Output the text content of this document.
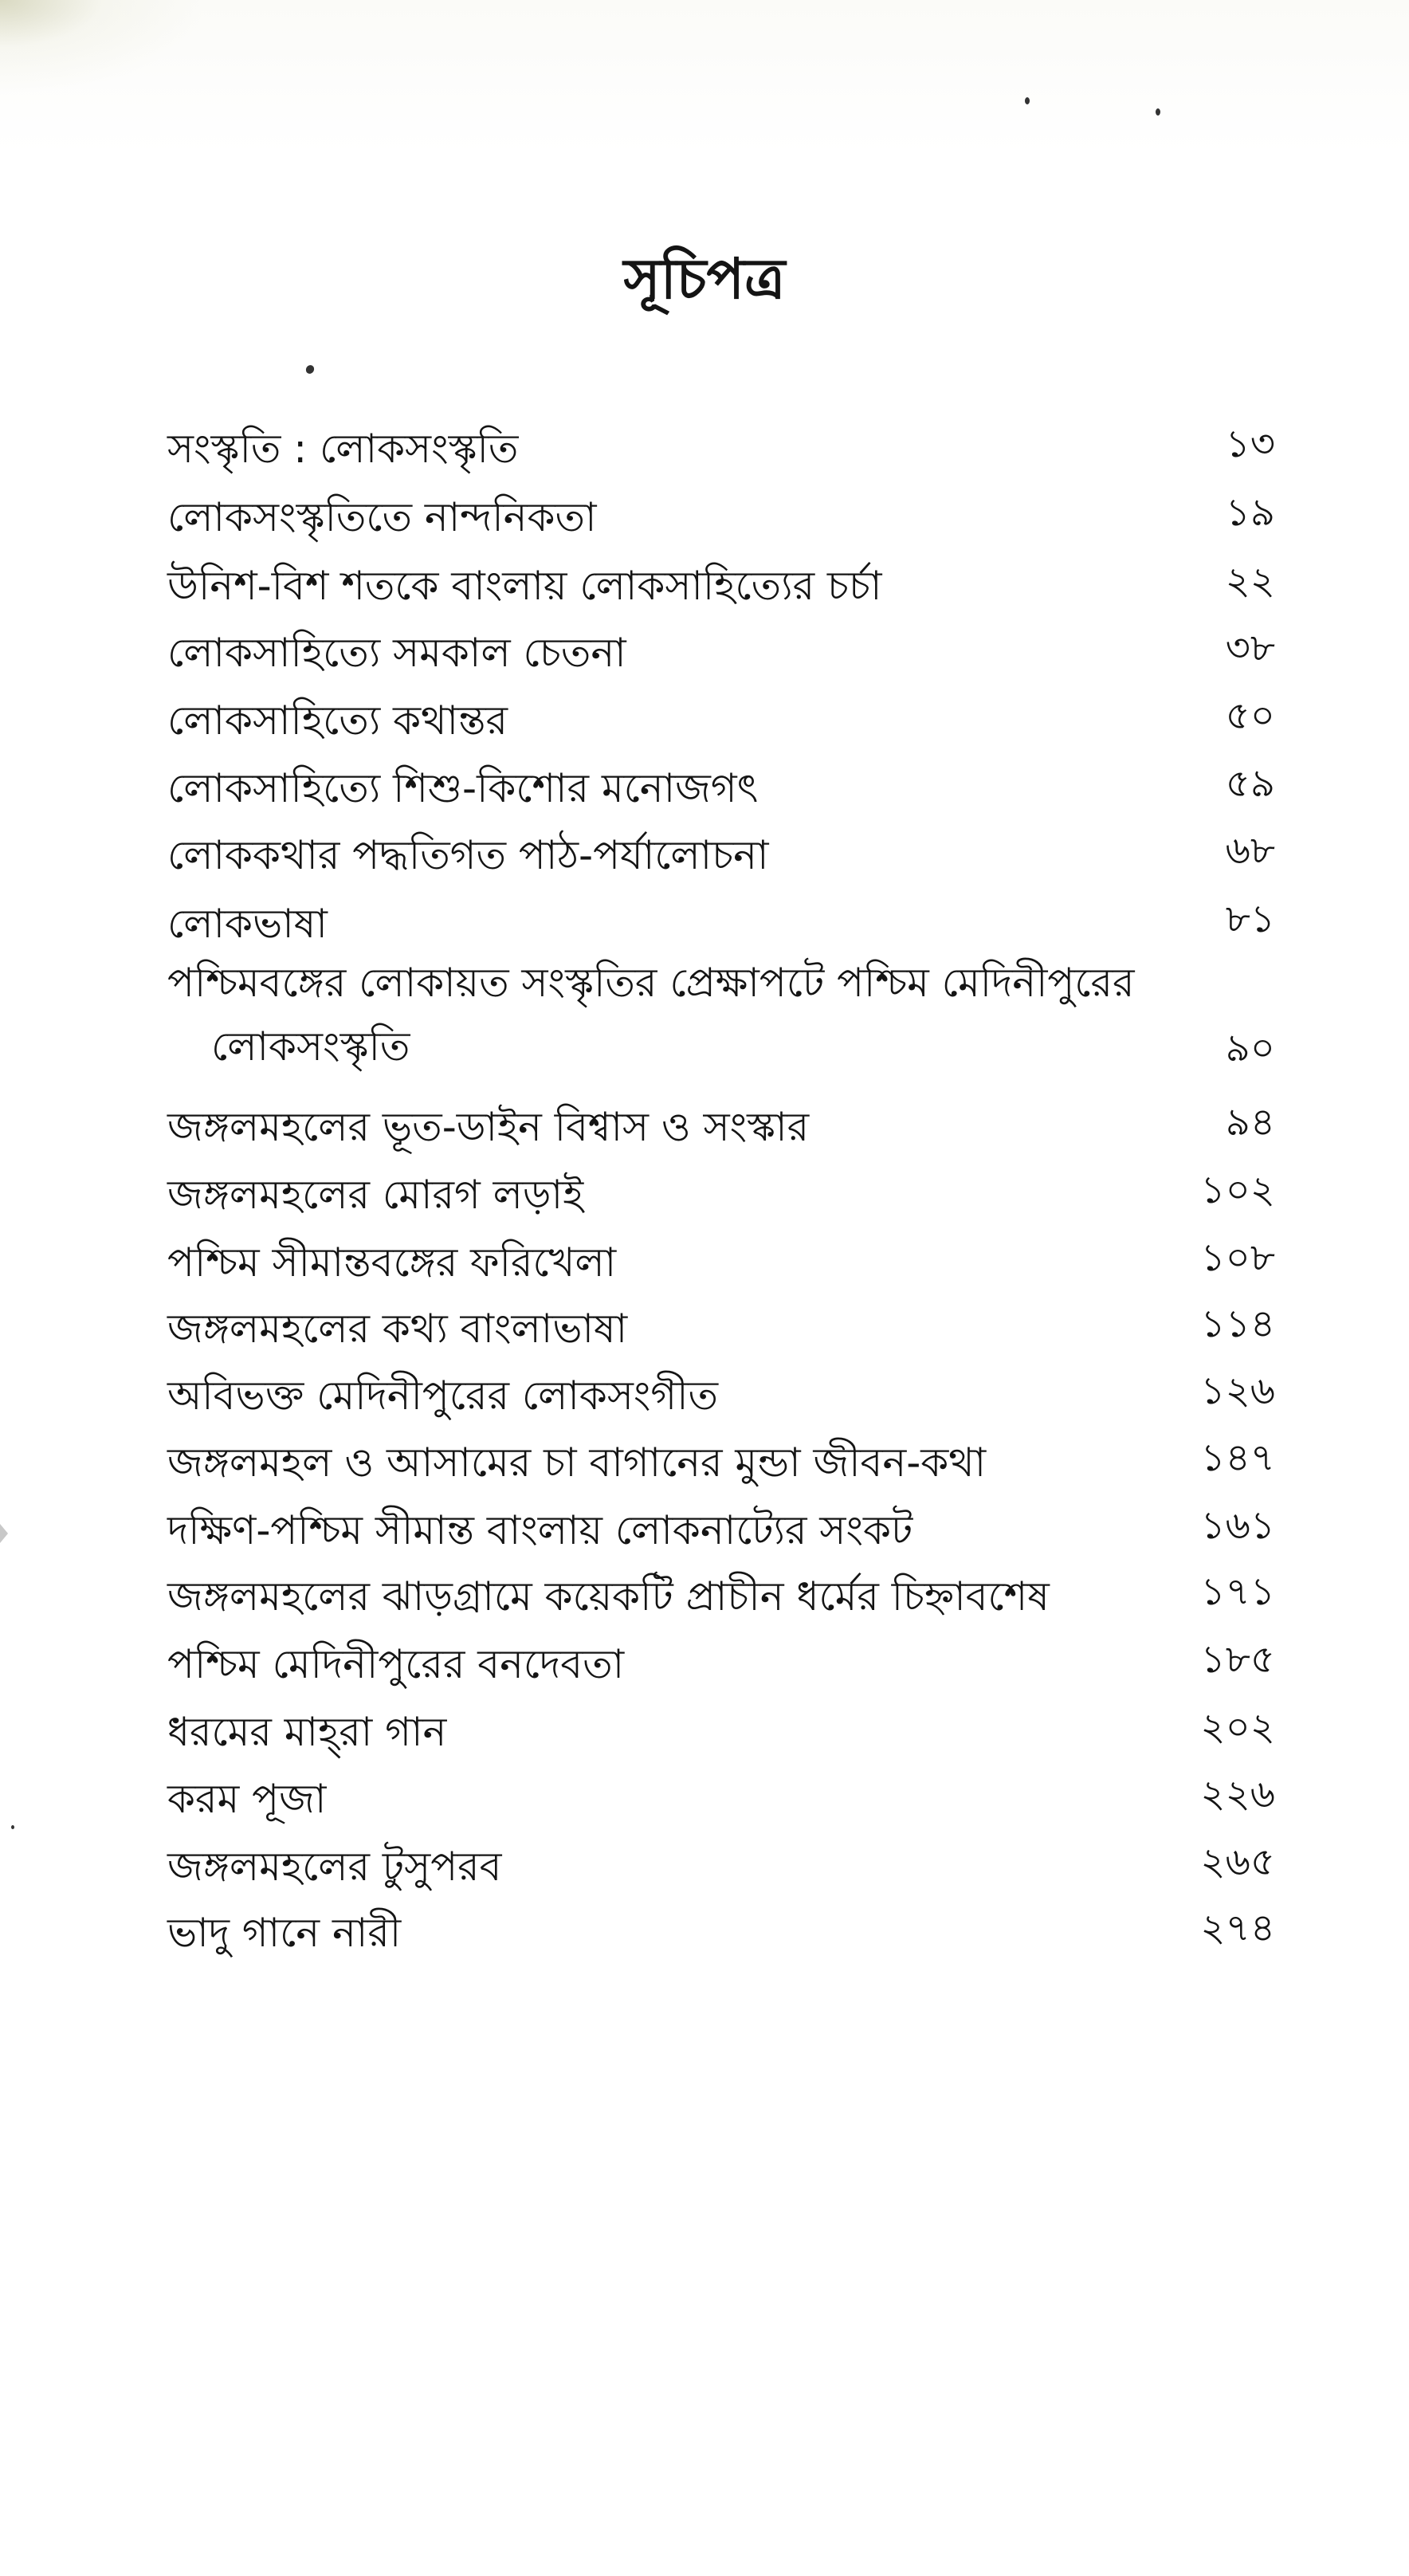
সূচিপত্র
সংস্কৃতি : লোকসংস্কৃতি	১৩
লোকসংস্কৃতিতে নান্দনিকতা	১৯
উনিশ-বিশ শতকে বাংলায় লোকসাহিত্যের চর্চা	২২
লোকসাহিত্যে সমকাল চেতনা	৩৮
লোকসাহিত্যে কথান্তর	৫০
লোকসাহিত্যে শিশু-কিশোর মনোজগৎ	৫৯
লোককথার পদ্ধতিগত পাঠ-পর্যালোচনা	৬৮
লোকভাষা	৮১
পশ্চিমবঙ্গের লোকায়ত সংস্কৃতির প্রেক্ষাপটে পশ্চিম মেদিনীপুরের
লোকসংস্কৃতি	৯০
জঙ্গলমহলের ভূত-ডাইন বিশ্বাস ও সংস্কার	৯৪
জঙ্গলমহলের মোরগ লড়াই	১০২
পশ্চিম সীমান্তবঙ্গের ফরিখেলা	১০৮
জঙ্গলমহলের কথ্য বাংলাভাষা	১১৪
অবিভক্ত মেদিনীপুরের লোকসংগীত	১২৬
জঙ্গলমহল ও আসামের চা বাগানের মুন্ডা জীবন-কথা	১৪৭
দক্ষিণ-পশ্চিম সীমান্ত বাংলায় লোকনাট্যের সংকট	১৬১
জঙ্গলমহলের ঝাড়গ্রামে কয়েকটি প্রাচীন ধর্মের চিহ্নাবশেষ	১৭১
পশ্চিম মেদিনীপুরের বনদেবতা	১৮৫
ধরমের মাহ্‌রা গান	২০২
করম পূজা	২২৬
জঙ্গলমহলের টুসুপরব	২৬৫
ভাদু গানে নারী	২৭৪
